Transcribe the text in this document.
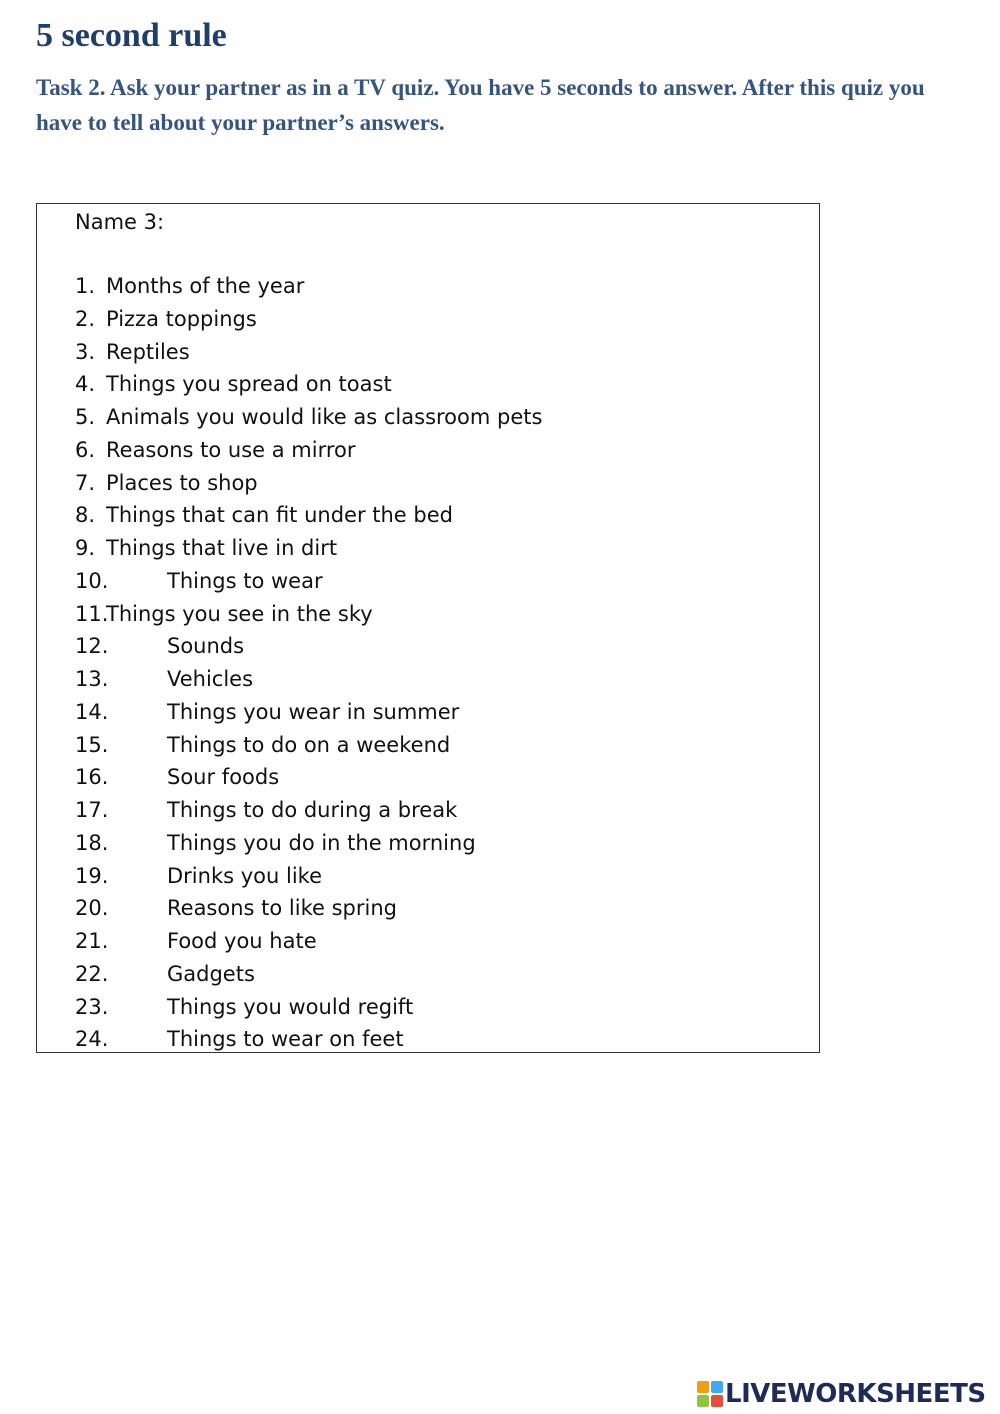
5 second rule

Task 2. Ask your partner as in a TV quiz. You have 5 seconds to answer. After this quiz you have to tell about your partner’s answers.

Name 3:
1. Months of the year
2. Pizza toppings
3. Reptiles
4. Things you spread on toast
5. Animals you would like as classroom pets
6. Reasons to use a mirror
7. Places to shop
8. Things that can fit under the bed
9. Things that live in dirt
10.	Things to wear
11.Things you see in the sky
12.	Sounds
13.	Vehicles
14.	Things you wear in summer
15.	Things to do on a weekend
16.	Sour foods
17.	Things to do during a break
18.	Things you do in the morning
19.	Drinks you like
20.	Reasons to like spring
21.	Food you hate
22.	Gadgets
23.	Things you would regift
24.	Things to wear on feet
LIVEWORKSHEETS
